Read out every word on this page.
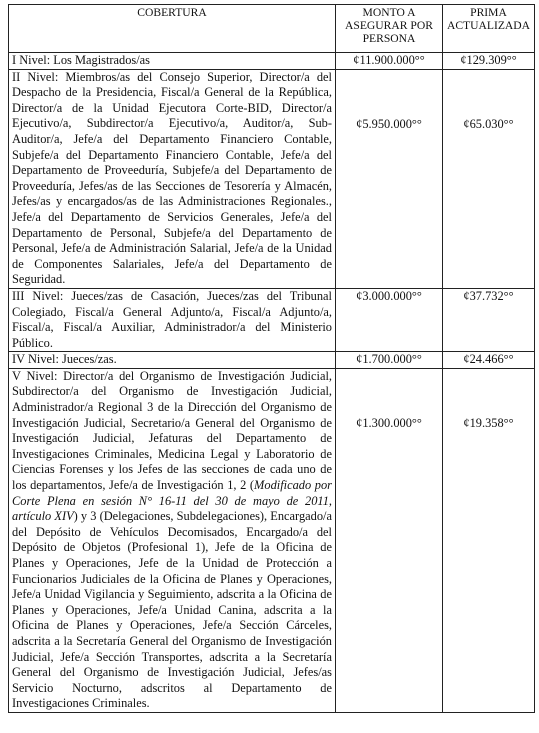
COBERTURA	MONTO A ASEGURAR POR PERSONA	PRIMA ACTUALIZADA
I Nivel: Los Magistrados/as	¢11.900.000°°	¢129.309°°
II Nivel: Miembros/as del Consejo Superior, Director/a del Despacho de la Presidencia, Fiscal/a General de la República, Director/a de la Unidad Ejecutora Corte-BID, Director/a Ejecutivo/a, Subdirector/a Ejecutivo/a, Auditor/a, Sub-Auditor/a, Jefe/a del Departamento Financiero Contable, Subjefe/a del Departamento Financiero Contable, Jefe/a del Departamento de Proveeduría, Subjefe/a del Departamento de Proveeduría, Jefes/as de las Secciones de Tesorería y Almacén, Jefes/as y encargados/as de las Administraciones Regionales., Jefe/a del Departamento de Servicios Generales, Jefe/a del Departamento de Personal, Subjefe/a del Departamento de Personal, Jefe/a de Administración Salarial, Jefe/a de la Unidad de Componentes Salariales, Jefe/a del Departamento de Seguridad.	¢5.950.000°°	¢65.030°°
III Nivel: Jueces/zas de Casación, Jueces/zas del Tribunal Colegiado, Fiscal/a General Adjunto/a, Fiscal/a Adjunto/a, Fiscal/a, Fiscal/a Auxiliar, Administrador/a del Ministerio Público.	¢3.000.000°°	¢37.732°°
IV Nivel: Jueces/zas.	¢1.700.000°°	¢24.466°°
V Nivel: Director/a del Organismo de Investigación Judicial, Subdirector/a del Organismo de Investigación Judicial, Administrador/a Regional 3 de la Dirección del Organismo de Investigación Judicial, Secretario/a General del Organismo de Investigación Judicial, Jefaturas del Departamento de Investigaciones Criminales, Medicina Legal y Laboratorio de Ciencias Forenses y los Jefes de las secciones de cada uno de los departamentos, Jefe/a de Investigación 1, 2 (Modificado por Corte Plena en sesión N° 16-11 del 30 de mayo de 2011, artículo XIV) y 3 (Delegaciones, Subdelegaciones), Encargado/a del Depósito de Vehículos Decomisados, Encargado/a del Depósito de Objetos (Profesional 1), Jefe de la Oficina de Planes y Operaciones, Jefe de la Unidad de Protección a Funcionarios Judiciales de la Oficina de Planes y Operaciones, Jefe/a Unidad Vigilancia y Seguimiento, adscrita a la Oficina de Planes y Operaciones, Jefe/a Unidad Canina, adscrita a la Oficina de Planes y Operaciones, Jefe/a Sección Cárceles, adscrita a la Secretaría General del Organismo de Investigación Judicial, Jefe/a Sección Transportes, adscrita a la Secretaría General del Organismo de Investigación Judicial, Jefes/as Servicio Nocturno, adscritos al Departamento de Investigaciones Criminales.	¢1.300.000°°	¢19.358°°
